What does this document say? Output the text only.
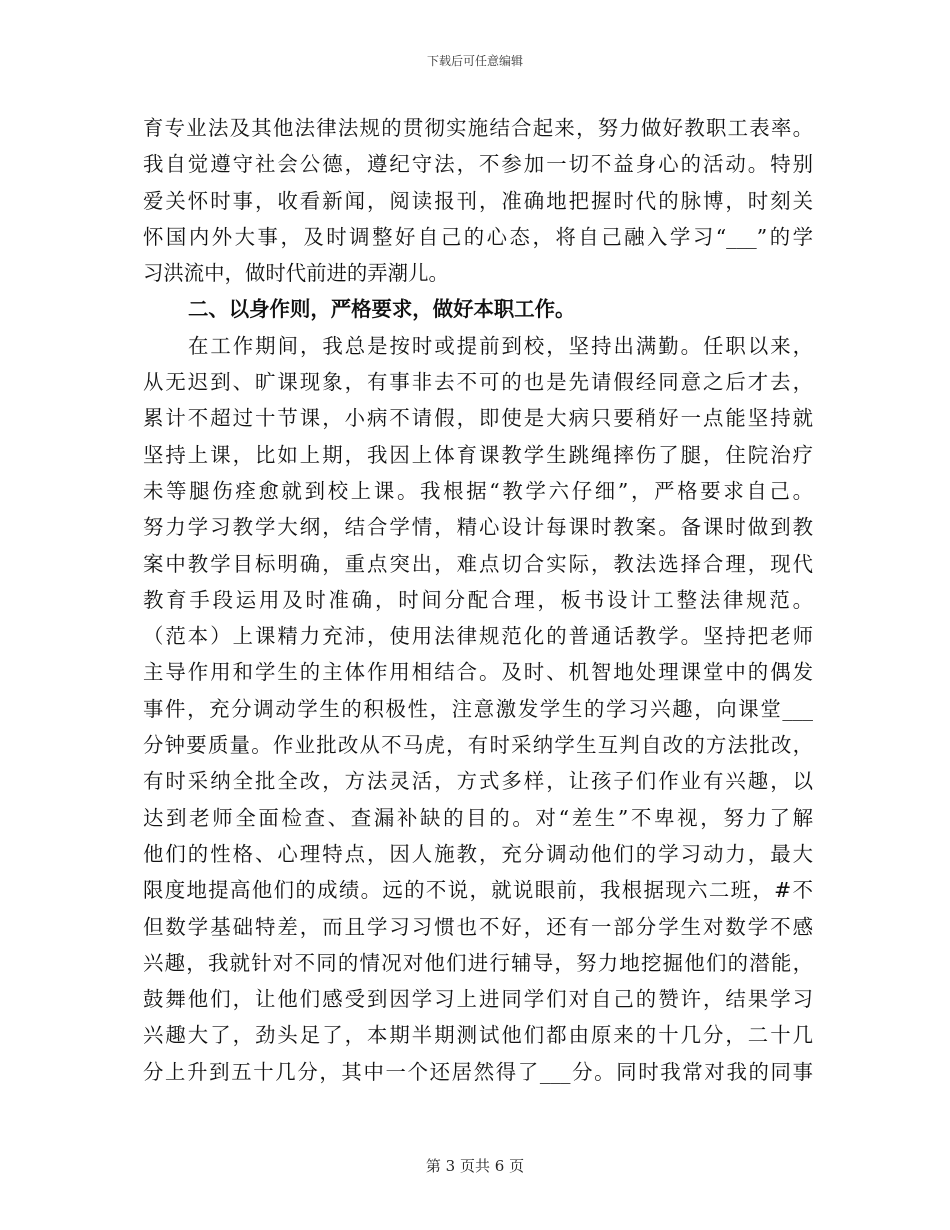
下载后可任意编辑
育专业法及其他法律法规的贯彻实施结合起来，努力做好教职工表率。
我自觉遵守社会公德，遵纪守法，不参加一切不益身心的活动。特别
爱关怀时事，收看新闻，阅读报刊，准确地把握时代的脉博，时刻关
怀国内外大事，及时调整好自己的心态，将自己融入学习“___”的学
习洪流中，做时代前进的弄潮儿。
二、以身作则，严格要求，做好本职工作。
在工作期间，我总是按时或提前到校，坚持出满勤。任职以来，
从无迟到、旷课现象，有事非去不可的也是先请假经同意之后才去，
累计不超过十节课，小病不请假，即使是大病只要稍好一点能坚持就
坚持上课，比如上期，我因上体育课教学生跳绳摔伤了腿，住院治疗
未等腿伤痊愈就到校上课。我根据“教学六仔细”，严格要求自己。
努力学习教学大纲，结合学情，精心设计每课时教案。备课时做到教
案中教学目标明确，重点突出，难点切合实际，教法选择合理，现代
教育手段运用及时准确，时间分配合理，板书设计工整法律规范。
（范本）上课精力充沛，使用法律规范化的普通话教学。坚持把老师
主导作用和学生的主体作用相结合。及时、机智地处理课堂中的偶发
事件，充分调动学生的积极性，注意激发学生的学习兴趣，向课堂___
分钟要质量。作业批改从不马虎，有时采纳学生互判自改的方法批改，
有时采纳全批全改，方法灵活，方式多样，让孩子们作业有兴趣，以
达到老师全面检查、查漏补缺的目的。对“差生”不卑视，努力了解
他们的性格、心理特点，因人施教，充分调动他们的学习动力，最大
限度地提高他们的成绩。远的不说，就说眼前，我根据现六二班，#不
但数学基础特差，而且学习习惯也不好，还有一部分学生对数学不感
兴趣，我就针对不同的情况对他们进行辅导，努力地挖掘他们的潜能，
鼓舞他们，让他们感受到因学习上进同学们对自己的赞许，结果学习
兴趣大了，劲头足了，本期半期测试他们都由原来的十几分，二十几
分上升到五十几分，其中一个还居然得了___分。同时我常对我的同事
第 3 页共 6 页
